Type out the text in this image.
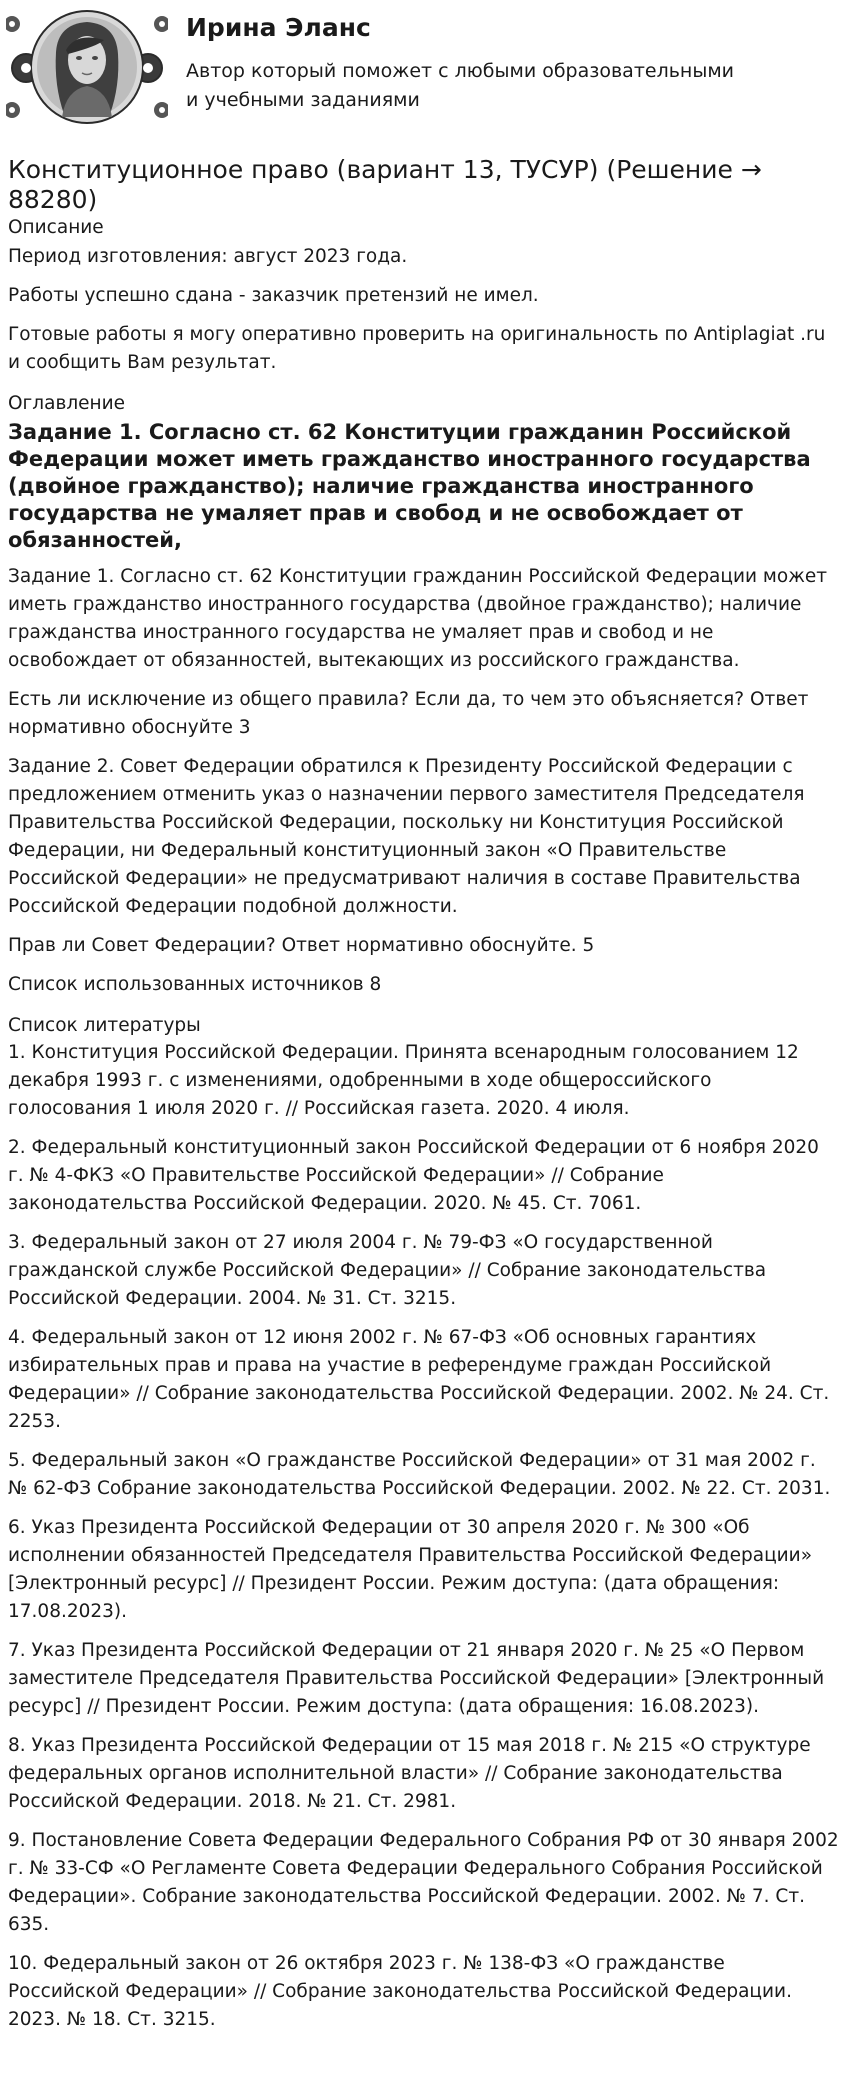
Ирина Эланс
Автор который поможет с любыми образовательными и учебными заданиями
Конституционное право (вариант 13, ТУСУР) (Решение → 88280)
Описание

Период изготовления: август 2023 года.

Работы успешно сдана - заказчик претензий не имел.

Готовые работы я могу оперативно проверить на оригинальность по Antiplagiat .ru и сообщить Вам результат.

Оглавление
Задание 1. Согласно ст. 62 Конституции гражданин Российской Федерации может иметь гражданство иностранного государства (двойное гражданство); наличие гражданства иностранного государства не умаляет прав и свобод и не освобождает от обязанностей,

Задание 1. Согласно ст. 62 Конституции гражданин Российской Федерации может иметь гражданство иностранного государства (двойное гражданство); наличие гражданства иностранного государства не умаляет прав и свобод и не освобождает от обязанностей, вытекающих из российского гражданства.

Есть ли исключение из общего правила? Если да, то чем это объясняется? Ответ нормативно обоснуйте 3

Задание 2. Совет Федерации обратился к Президенту Российской Федерации с предложением отменить указ о назначении первого заместителя Председателя Правительства Российской Федерации, поскольку ни Конституция Российской Федерации, ни Федеральный конституционный закон «О Правительстве Российской Федерации» не предусматривают наличия в составе Правительства Российской Федерации подобной должности.

Прав ли Совет Федерации? Ответ нормативно обоснуйте. 5

Список использованных источников 8

Список литературы

1. Конституция Российской Федерации. Принята всенародным голосованием 12 декабря 1993 г. с изменениями, одобренными в ходе общероссийского голосования 1 июля 2020 г. // Российская газета. 2020. 4 июля.

2. Федеральный конституционный закон Российской Федерации от 6 ноября 2020 г. № 4-ФКЗ «О Правительстве Российской Федерации» // Собрание законодательства Российской Федерации. 2020. № 45. Ст. 7061.

3. Федеральный закон от 27 июля 2004 г. № 79-ФЗ «О государственной гражданской службе Российской Федерации» // Собрание законодательства Российской Федерации. 2004. № 31. Ст. 3215.

4. Федеральный закон от 12 июня 2002 г. № 67-ФЗ «Об основных гарантиях избирательных прав и права на участие в референдуме граждан Российской Федерации» // Собрание законодательства Российской Федерации. 2002. № 24. Ст. 2253.

5. Федеральный закон «О гражданстве Российской Федерации» от 31 мая 2002 г. № 62-ФЗ Собрание законодательства Российской Федерации. 2002. № 22. Ст. 2031.

6. Указ Президента Российской Федерации от 30 апреля 2020 г. № 300 «Об исполнении обязанностей Председателя Правительства Российской Федерации» [Электронный ресурс] // Президент России. Режим доступа: (дата обращения: 17.08.2023).

7. Указ Президента Российской Федерации от 21 января 2020 г. № 25 «О Первом заместителе Председателя Правительства Российской Федерации» [Электронный ресурс] // Президент России. Режим доступа: (дата обращения: 16.08.2023).

8. Указ Президента Российской Федерации от 15 мая 2018 г. № 215 «О структуре федеральных органов исполнительной власти» // Собрание законодательства Российской Федерации. 2018. № 21. Ст. 2981.

9. Постановление Совета Федерации Федерального Собрания РФ от 30 января 2002 г. № 33-СФ «О Регламенте Совета Федерации Федерального Собрания Российской Федерации». Собрание законодательства Российской Федерации. 2002. № 7. Ст. 635.

10. Федеральный закон от 26 октября 2023 г. № 138-ФЗ «О гражданстве Российской Федерации» // Собрание законодательства Российской Федерации. 2023. № 18. Ст. 3215.
